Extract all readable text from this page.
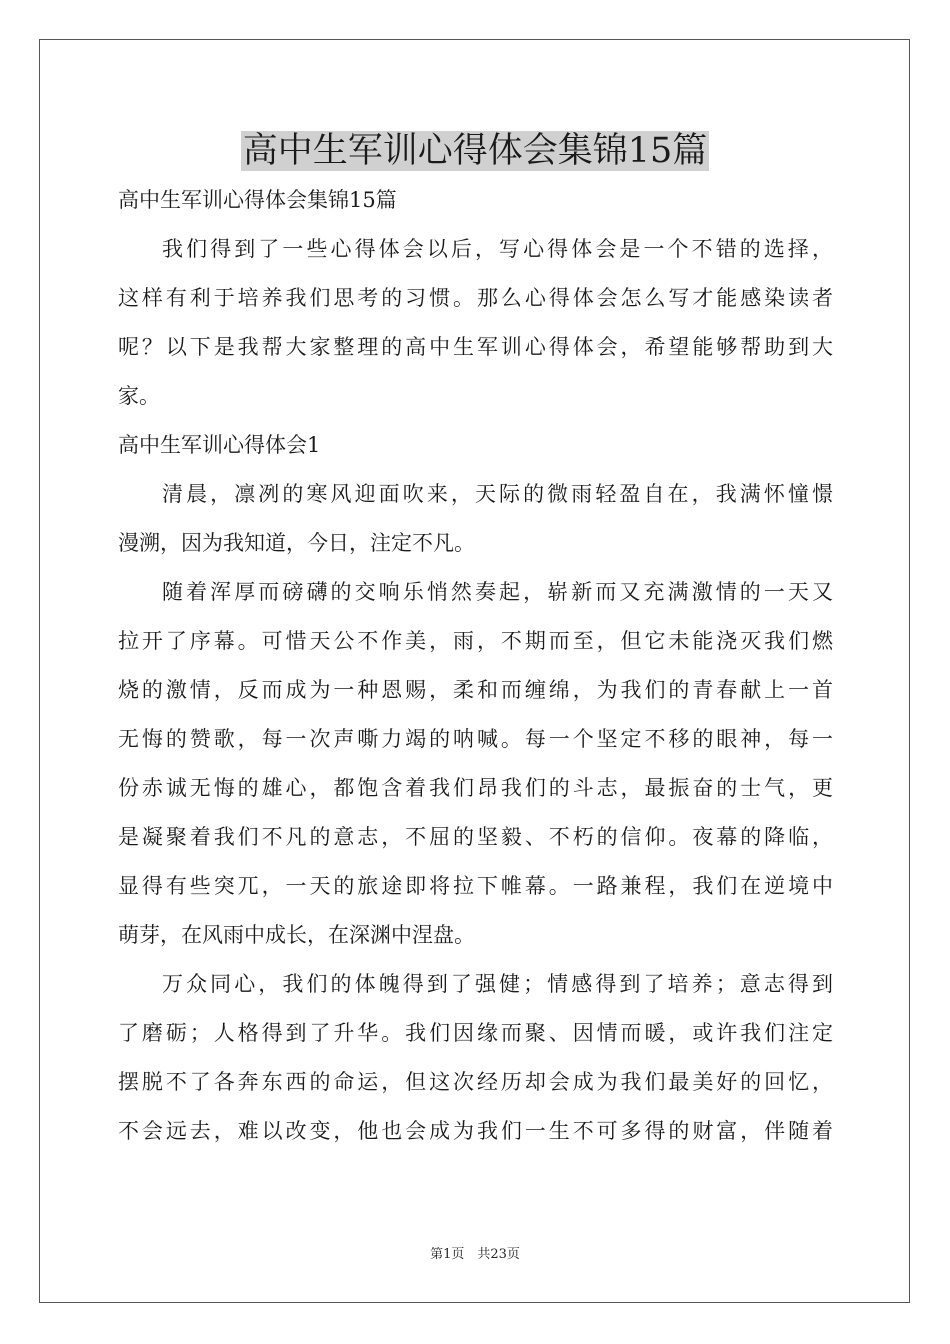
高中生军训心得体会集锦15篇
高中生军训心得体会集锦15篇
我们得到了一些心得体会以后，写心得体会是一个不错的选择，
这样有利于培养我们思考的习惯。那么心得体会怎么写才能感染读者
呢？以下是我帮大家整理的高中生军训心得体会，希望能够帮助到大
家。
高中生军训心得体会1
清晨，凛冽的寒风迎面吹来，天际的微雨轻盈自在，我满怀憧憬
漫溯，因为我知道，今日，注定不凡。
随着浑厚而磅礴的交响乐悄然奏起，崭新而又充满激情的一天又
拉开了序幕。可惜天公不作美，雨，不期而至，但它未能浇灭我们燃
烧的激情，反而成为一种恩赐，柔和而缠绵，为我们的青春献上一首
无悔的赞歌，每一次声嘶力竭的呐喊。每一个坚定不移的眼神，每一
份赤诚无悔的雄心，都饱含着我们昂我们的斗志，最振奋的士气，更
是凝聚着我们不凡的意志，不屈的坚毅、不朽的信仰。夜幕的降临，
显得有些突兀，一天的旅途即将拉下帷幕。一路兼程，我们在逆境中
萌芽，在风雨中成长，在深渊中涅盘。
万众同心，我们的体魄得到了强健；情感得到了培养；意志得到
了磨砺；人格得到了升华。我们因缘而聚、因情而暖，或许我们注定
摆脱不了各奔东西的命运，但这次经历却会成为我们最美好的回忆，
不会远去，难以改变，他也会成为我们一生不可多得的财富，伴随着
第1页　共23页
